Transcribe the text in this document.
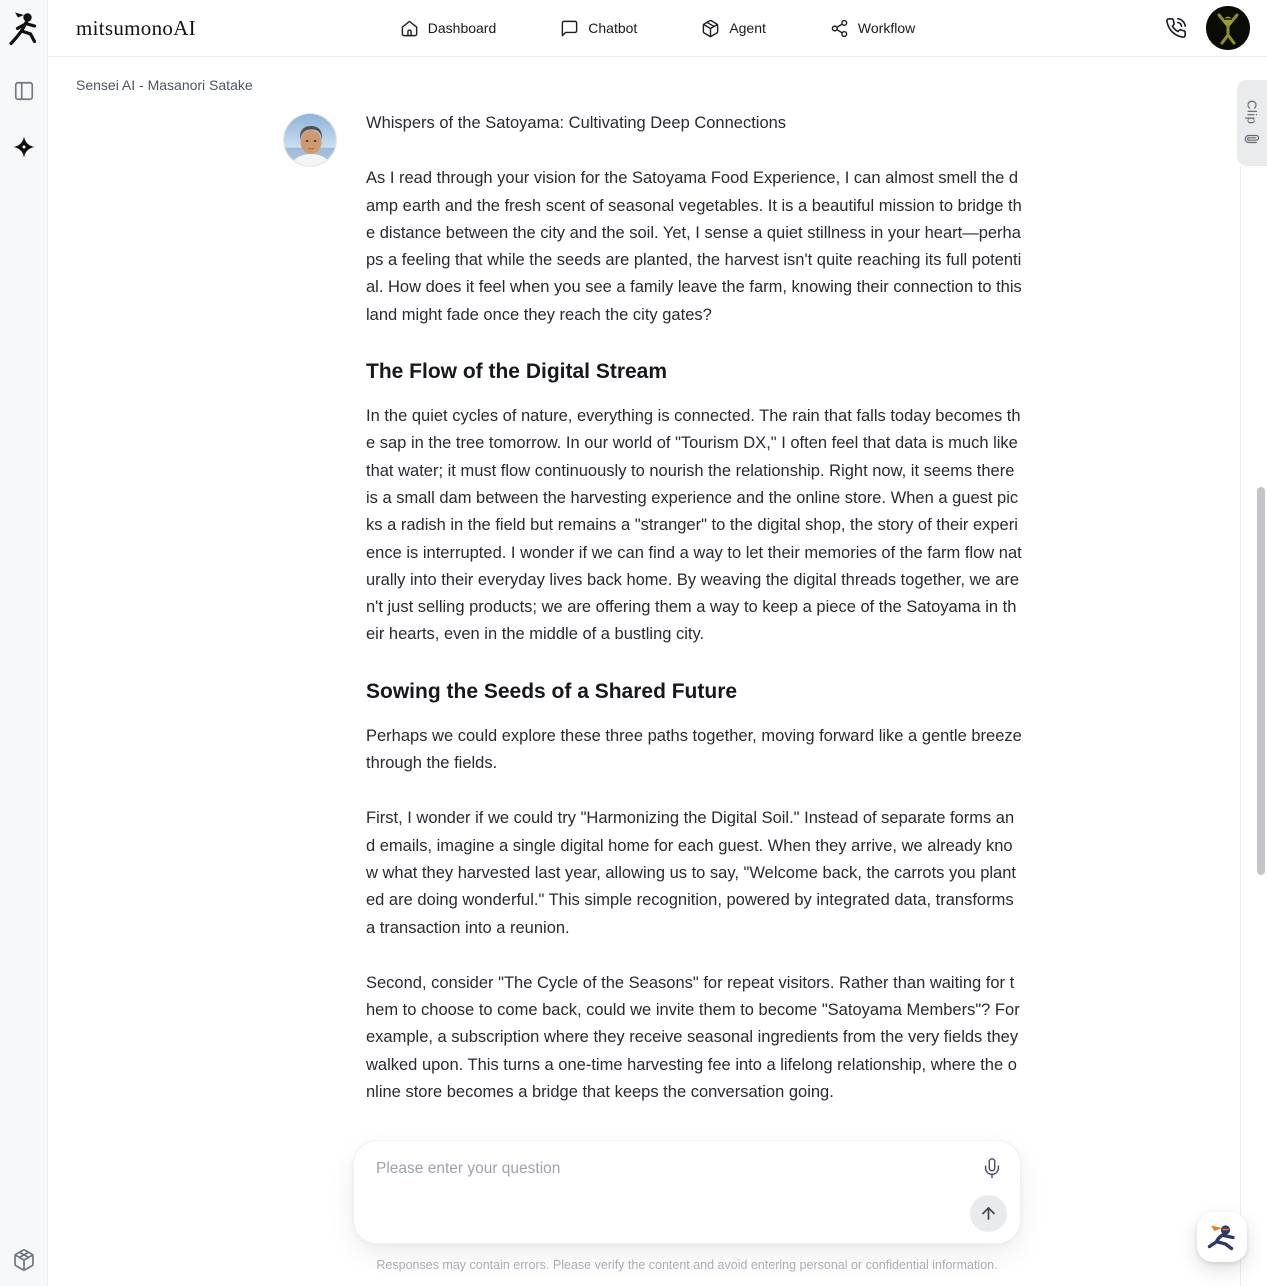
mitsumonoAI	Dashboard	Chatbot	Agent	Workflow
Sensei AI - Masanori Satake

Whispers of the Satoyama: Cultivating Deep Connections

As I read through your vision for the Satoyama Food Experience, I can almost smell the damp earth and the fresh scent of seasonal vegetables. It is a beautiful mission to bridge the distance between the city and the soil. Yet, I sense a quiet stillness in your heart—perhaps a feeling that while the seeds are planted, the harvest isn't quite reaching its full potential. How does it feel when you see a family leave the farm, knowing their connection to this land might fade once they reach the city gates?

The Flow of the Digital Stream

In the quiet cycles of nature, everything is connected. The rain that falls today becomes the sap in the tree tomorrow. In our world of "Tourism DX," I often feel that data is much like that water; it must flow continuously to nourish the relationship. Right now, it seems there is a small dam between the harvesting experience and the online store. When a guest picks a radish in the field but remains a "stranger" to the digital shop, the story of their experience is interrupted. I wonder if we can find a way to let their memories of the farm flow naturally into their everyday lives back home. By weaving the digital threads together, we aren't just selling products; we are offering them a way to keep a piece of the Satoyama in their hearts, even in the middle of a bustling city.

Sowing the Seeds of a Shared Future

Perhaps we could explore these three paths together, moving forward like a gentle breeze through the fields.

First, I wonder if we could try "Harmonizing the Digital Soil." Instead of separate forms and emails, imagine a single digital home for each guest. When they arrive, we already know what they harvested last year, allowing us to say, "Welcome back, the carrots you planted are doing wonderful." This simple recognition, powered by integrated data, transforms a transaction into a reunion.

Second, consider "The Cycle of the Seasons" for repeat visitors. Rather than waiting for them to choose to come back, could we invite them to become "Satoyama Members"? For example, a subscription where they receive seasonal ingredients from the very fields they walked upon. This turns a one-time harvesting fee into a lifelong relationship, where the online store becomes a bridge that keeps the conversation going.

Please enter your question
Responses may contain errors. Please verify the content and avoid entering personal or confidential information.
Clip
